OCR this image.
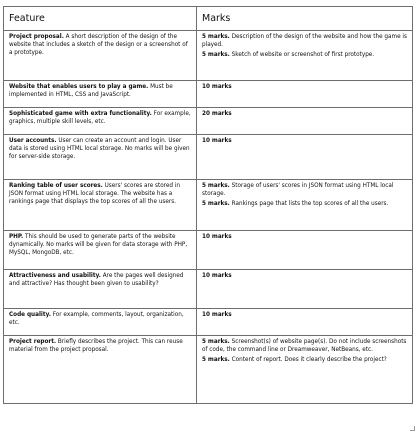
Feature	Marks
Project proposal. A short description of the design of the website that includes a sketch of the design or a screenshot of a prototype.	5 marks. Description of the design of the website and how the game is played.
5 marks. Sketch of website or screenshot of first prototype.

Website that enables users to play a game. Must be implemented in HTML, CSS and JavaScript.	10 marks

Sophisticated game with extra functionality. For example, graphics, multiple skill levels, etc.	20 marks

User accounts. User can create an account and login. User data is stored using HTML local storage. No marks will be given for server-side storage.	10 marks

Ranking table of user scores. Users' scores are stored in JSON format using HTML local storage. The website has a rankings page that displays the top scores of all the users.	5 marks. Storage of users' scores in JSON format using HTML local storage.
5 marks. Rankings page that lists the top scores of all the users.

PHP. This should be used to generate parts of the website dynamically. No marks will be given for data storage with PHP, MySQL, MongoDB, etc.	10 marks

Attractiveness and usability. Are the pages well designed and attractive? Has thought been given to usability?	10 marks

Code quality. For example, comments, layout, organization, etc.	10 marks

Project report. Briefly describes the project. This can reuse material from the project proposal.	5 marks. Screenshot(s) of website page(s). Do not include screenshots of code, the command line or Dreamweaver, NetBeans, etc.
5 marks. Content of report. Does it clearly describe the project?
